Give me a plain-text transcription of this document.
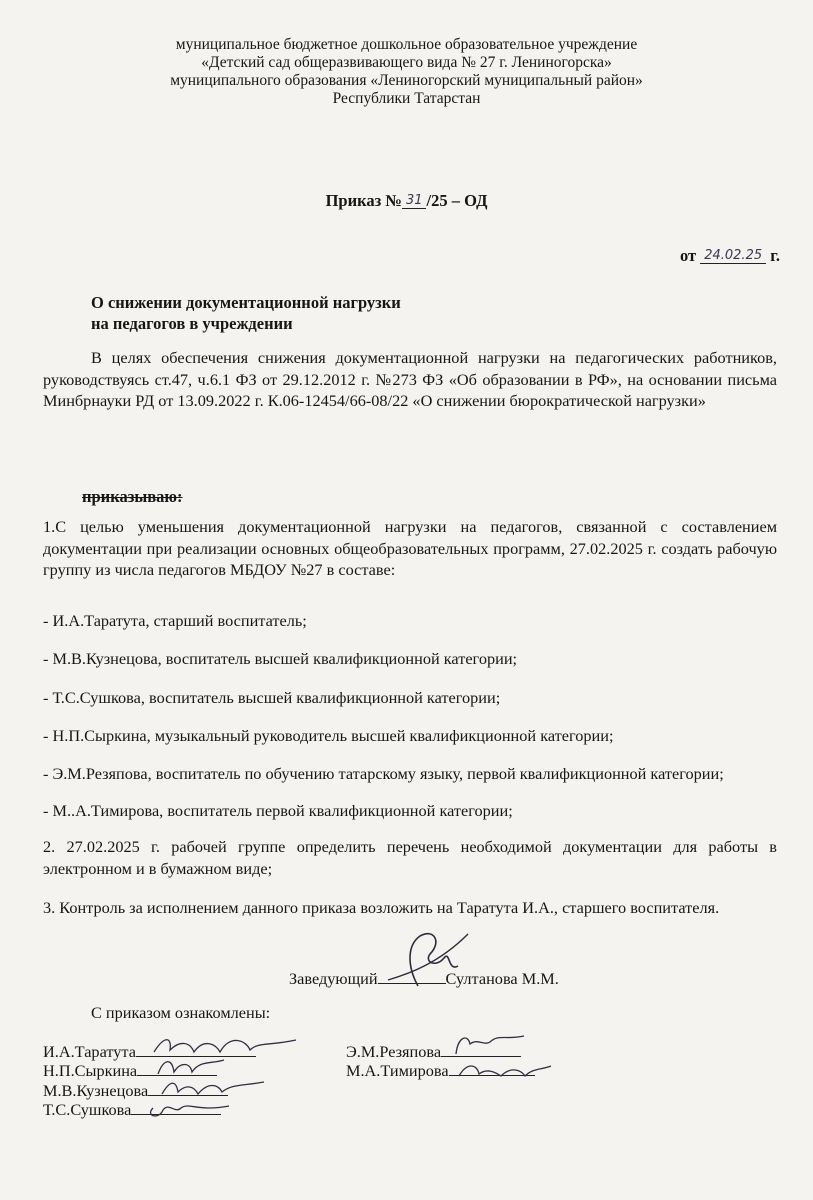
муниципальное бюджетное дошкольное образовательное учреждение
«Детский сад общеразвивающего вида № 27 г. Лениногорска»
муниципального образования «Лениногорский муниципальный район»
Республики Татарстан
Приказ № 31 /25 – ОД
от 24.02.25 г.
О снижении документационной нагрузки
на педагогов в учреждении
В целях обеспечения снижения документационной нагрузки на педагогических работников, руководствуясь ст.47, ч.6.1 ФЗ от 29.12.2012 г. №273 ФЗ «Об образовании в РФ», на основании письма Минбрнауки РД от 13.09.2022 г. К.06-12454/66-08/22 «О снижении бюрократической нагрузки»
приказываю:
1.С целью уменьшения документационной нагрузки на педагогов, связанной с составлением документации при реализации основных общеобразовательных программ, 27.02.2025 г. создать рабочую группу из числа педагогов МБДОУ №27 в составе:
- И.А.Таратута, старший воспитатель;
- М.В.Кузнецова, воспитатель высшей квалификционной категории;
- Т.С.Сушкова, воспитатель высшей квалификционной категории;
- Н.П.Сыркина, музыкальный руководитель высшей квалификционной категории;
- Э.М.Резяпова, воспитатель по обучению татарскому языку, первой квалификционной категории;
- М..А.Тимирова, воспитатель первой квалификционной категории;
2. 27.02.2025 г. рабочей группе определить перечень необходимой документации для работы в электронном и в бумажном виде;
3. Контроль за исполнением данного приказа возложить на Таратута И.А., старшего воспитателя.
Заведующий	Султанова М.М.
С приказом ознакомлены:
И.А.Таратута
Н.П.Сыркина
М.В.Кузнецова
Т.С.Сушкова
Э.М.Резяпова
М.А.Тимирова
